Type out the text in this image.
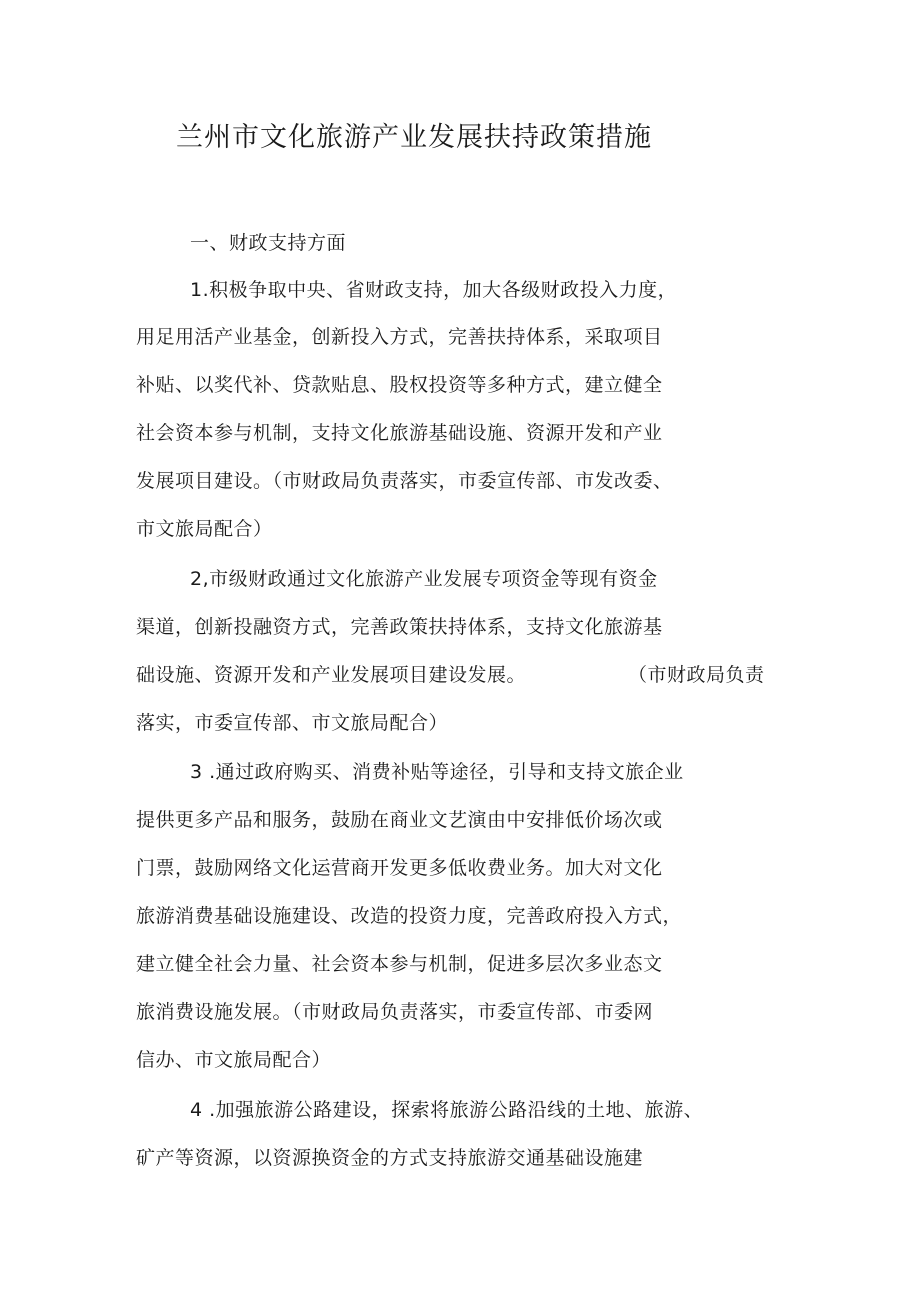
兰州市文化旅游产业发展扶持政策措施

一、财政支持方面

1.积极争取中央、省财政支持，加大各级财政投入力度，

用足用活产业基金，创新投入方式，完善扶持体系，采取项目

补贴、以奖代补、贷款贴息、股权投资等多种方式，建立健全

社会资本参与机制，支持文化旅游基础设施、资源开发和产业

发展项目建设。（市财政局负责落实，市委宣传部、市发改委、

市文旅局配合）

2,市级财政通过文化旅游产业发展专项资金等现有资金

渠道，创新投融资方式，完善政策扶持体系，支持文化旅游基

础设施、资源开发和产业发展项目建设发展。	（市财政局负责

落实，市委宣传部、市文旅局配合）

3 .通过政府购买、消费补贴等途径，引导和支持文旅企业

提供更多产品和服务，鼓励在商业文艺演由中安排低价场次或

门票，鼓励网络文化运营商开发更多低收费业务。加大对文化

旅游消费基础设施建设、改造的投资力度，完善政府投入方式，

建立健全社会力量、社会资本参与机制，促进多层次多业态文

旅消费设施发展。（市财政局负责落实，市委宣传部、市委网

信办、市文旅局配合）

4 .加强旅游公路建设，探索将旅游公路沿线的土地、旅游、

矿产等资源，以资源换资金的方式支持旅游交通基础设施建
